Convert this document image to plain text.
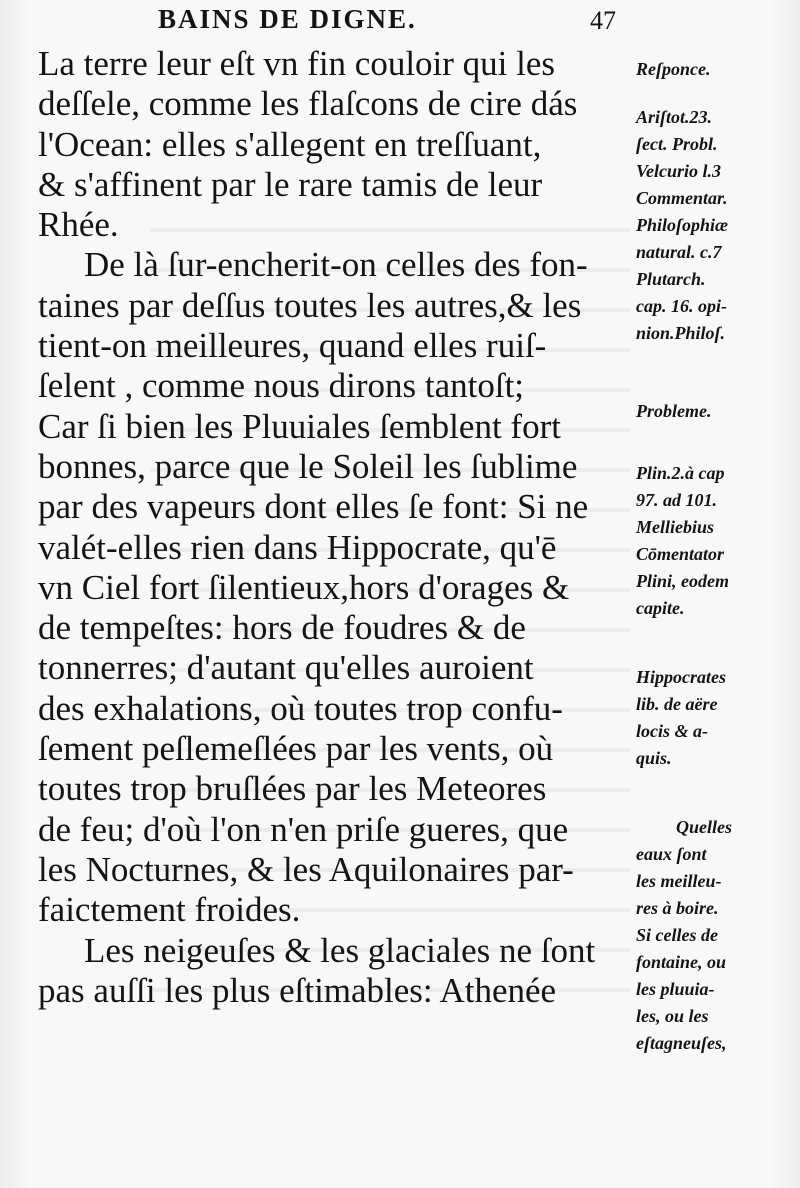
BAINS DE DIGNE.	47
La terre leur eſt vn fin couloir qui les
deſſele, comme les flaſcons de cire dás
l'Ocean: elles s'allegent en treſſuant,
& s'affinent par le rare tamis de leur
Rhée.
De là ſur-encherit-on celles des fon-
taines par deſſus toutes les autres,& les
tient-on meilleures, quand elles ruiſ-
ſelent , comme nous dirons tantoſt;
Car ſi bien les Pluuiales ſemblent fort
bonnes, parce que le Soleil les ſublime
par des vapeurs dont elles ſe font: Si ne
valét-elles rien dans Hippocrate, qu'ē
vn Ciel fort ſilentieux,hors d'orages &
de tempeſtes: hors de foudres & de
tonnerres; d'autant qu'elles auroient
des exhalations, où toutes trop confu-
ſement peſlemeſlées par les vents, où
toutes trop bruſlées par les Meteores
de feu; d'où l'on n'en priſe gueres, que
les Nocturnes, & les Aquilonaires par-
faictement froides.
Les neigeuſes & les glaciales ne ſont
pas auſſi les plus eſtimables: Athenée
Reſponce.
Ariſtot.23.
ſect. Probl.
Velcurio l.3
Commentar.
Philoſophiæ
natural. c.7
Plutarch.
cap. 16. opi-
nion.Philoſ.
Probleme.
Plin.2.à cap
97. ad 101.
Melliebius
Cōmentator
Plini, eodem
capite.
Hippocrates
lib. de aëre
locis & a-
quis.
Quelles
eaux ſont
les meilleu-
res à boire.
Si celles de
fontaine, ou
les pluuia-
les, ou les
eſtagneuſes,
